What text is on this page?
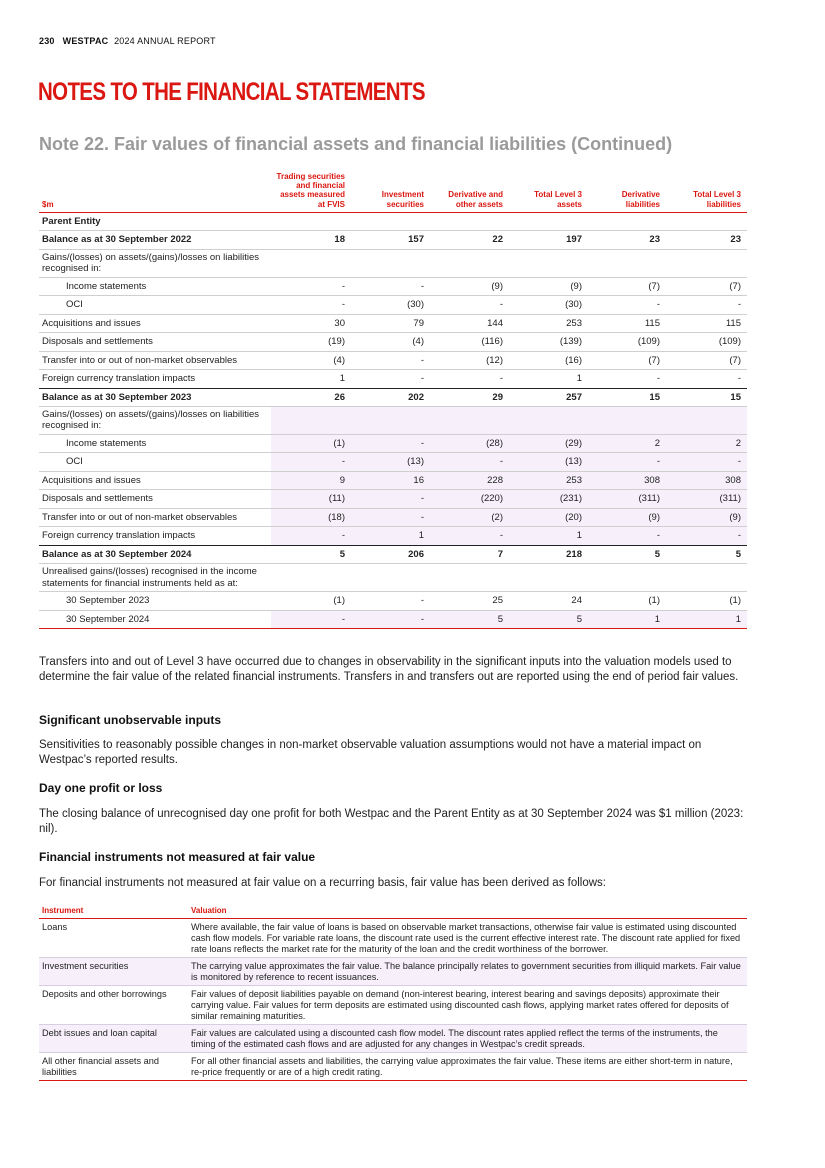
230 WESTPAC 2024 ANNUAL REPORT
NOTES TO THE FINANCIAL STATEMENTS
Note 22. Fair values of financial assets and financial liabilities (Continued)
$m	Trading securities and financial assets measured at FVIS	Investment securities	Derivative and other assets	Total Level 3 assets	Derivative liabilities	Total Level 3 liabilities
Parent Entity						
Balance as at 30 September 2022	18	157	22	197	23	23
Gains/(losses) on assets/(gains)/losses on liabilities recognised in:						
Income statements	-	-	(9)	(9)	(7)	(7)
OCI	-	(30)	-	(30)	-	-
Acquisitions and issues	30	79	144	253	115	115
Disposals and settlements	(19)	(4)	(116)	(139)	(109)	(109)
Transfer into or out of non-market observables	(4)	-	(12)	(16)	(7)	(7)
Foreign currency translation impacts	1	-	-	1	-	-
Balance as at 30 September 2023	26	202	29	257	15	15
Gains/(losses) on assets/(gains)/losses on liabilities recognised in:						
Income statements	(1)	-	(28)	(29)	2	2
OCI	-	(13)	-	(13)	-	-
Acquisitions and issues	9	16	228	253	308	308
Disposals and settlements	(11)	-	(220)	(231)	(311)	(311)
Transfer into or out of non-market observables	(18)	-	(2)	(20)	(9)	(9)
Foreign currency translation impacts	-	1	-	1	-	-
Balance as at 30 September 2024	5	206	7	218	5	5
Unrealised gains/(losses) recognised in the income statements for financial instruments held as at:						
30 September 2023	(1)	-	25	24	(1)	(1)
30 September 2024	-	-	5	5	1	1

Transfers into and out of Level 3 have occurred due to changes in observability in the significant inputs into the valuation models used to determine the fair value of the related financial instruments. Transfers in and transfers out are reported using the end of period fair values.

Significant unobservable inputs

Sensitivities to reasonably possible changes in non-market observable valuation assumptions would not have a material impact on Westpac’s reported results.

Day one profit or loss

The closing balance of unrecognised day one profit for both Westpac and the Parent Entity as at 30 September 2024 was $1 million (2023: nil).

Financial instruments not measured at fair value

For financial instruments not measured at fair value on a recurring basis, fair value has been derived as follows:

Instrument	Valuation
Loans	Where available, the fair value of loans is based on observable market transactions, otherwise fair value is estimated using discounted cash flow models. For variable rate loans, the discount rate used is the current effective interest rate. The discount rate applied for fixed rate loans reflects the market rate for the maturity of the loan and the credit worthiness of the borrower.
Investment securities	The carrying value approximates the fair value. The balance principally relates to government securities from illiquid markets. Fair value is monitored by reference to recent issuances.
Deposits and other borrowings	Fair values of deposit liabilities payable on demand (non-interest bearing, interest bearing and savings deposits) approximate their carrying value. Fair values for term deposits are estimated using discounted cash flows, applying market rates offered for deposits of similar remaining maturities.
Debt issues and loan capital	Fair values are calculated using a discounted cash flow model. The discount rates applied reflect the terms of the instruments, the timing of the estimated cash flows and are adjusted for any changes in Westpac’s credit spreads.
All other financial assets and liabilities	For all other financial assets and liabilities, the carrying value approximates the fair value. These items are either short-term in nature, re-price frequently or are of a high credit rating.
